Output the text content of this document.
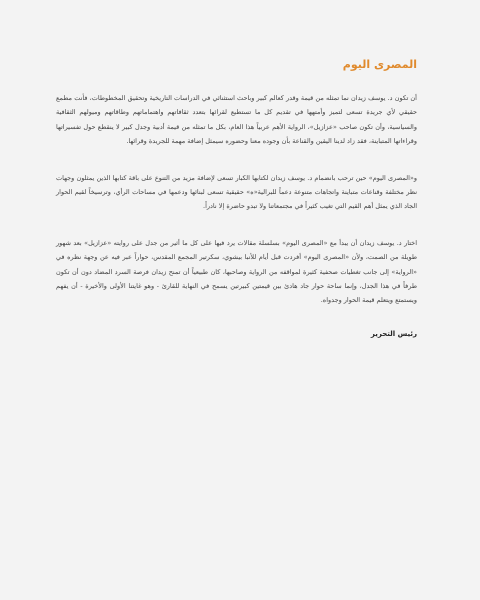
المصرى اليوم

أن تكون د. يوسف زيدان نما تمثله من قيمة وقدر كعالم كبير وباحث استثنائي في الدراسات التاريخية وتحقيق المخطوطات، فأنت مطمع حقيقي لأي جريدة تسعى لتميز وأمتهها في تقديم كل ما تستطيع لقرائها بتعدد ثقافاتهم واهتماماتهم وطاقاتهم وميولهم الثقافية والسياسية، وأن تكون صاحب «عزازيل»، الرواية الأهم عربياً هذا العام، بكل ما تمثله من قيمة أدبية وجدل كبير لا ينقطع حول تفسيراتها وقراءاتها المتباينة، فقد زاد لدينا اليقين والقناعة بأن وجوده معنا وحضوره سيمثل إضافة مهمة للجريدة وقرائها.

و«المصرى اليوم» حين ترحب بانضمام د. يوسف زيدان لكتابها الكبار تسعى لإضافة مزيد من التنوع على باقة كتابها الذين يمثلون وجهات نظر مختلفة وقناعات متباينة واتجاهات متنوعة دعماً للبرالية«ه» حقيقية تسعى لبنائها ودعمها في مساحات الرأي، وترسيخاً لقيم الحوار الجاد الذي يمثل أهم القيم التي تغيب كثيراً في مجتمعاتنا ولا تبدو حاضرة إلا نادراً.

اختار د. يوسف زيدان أن يبدأ مع «المصرى اليوم» بسلسلة مقالات يرد فيها على كل ما أثير من جدل على روايته «عزازيل» بعد شهور طويلة من الصمت، ولأن «المصرى اليوم» أفردت قبل أيام للأنبا بيشوي، سكرتير المجمع المقدس، حواراً عبر فيه عن وجهة نظره في «الرواية» إلى جانب تغطيات صحفية كثيرة لمواقفه من الرواية وصاحبها، كان طبيعياً أن تمنح زيدان فرصة السرد المضاد دون أن تكون طرفاً في هذا الجدل، وإنما ساحة حوار جاد هادئ بين قيمتين كبيرتين يسمح في النهاية للقارئ - وهو غايتنا الأولى والأخيرة - أن يفهم ويستمتع ويتعلم قيمة الحوار وجدواه.

رئيس التحرير
